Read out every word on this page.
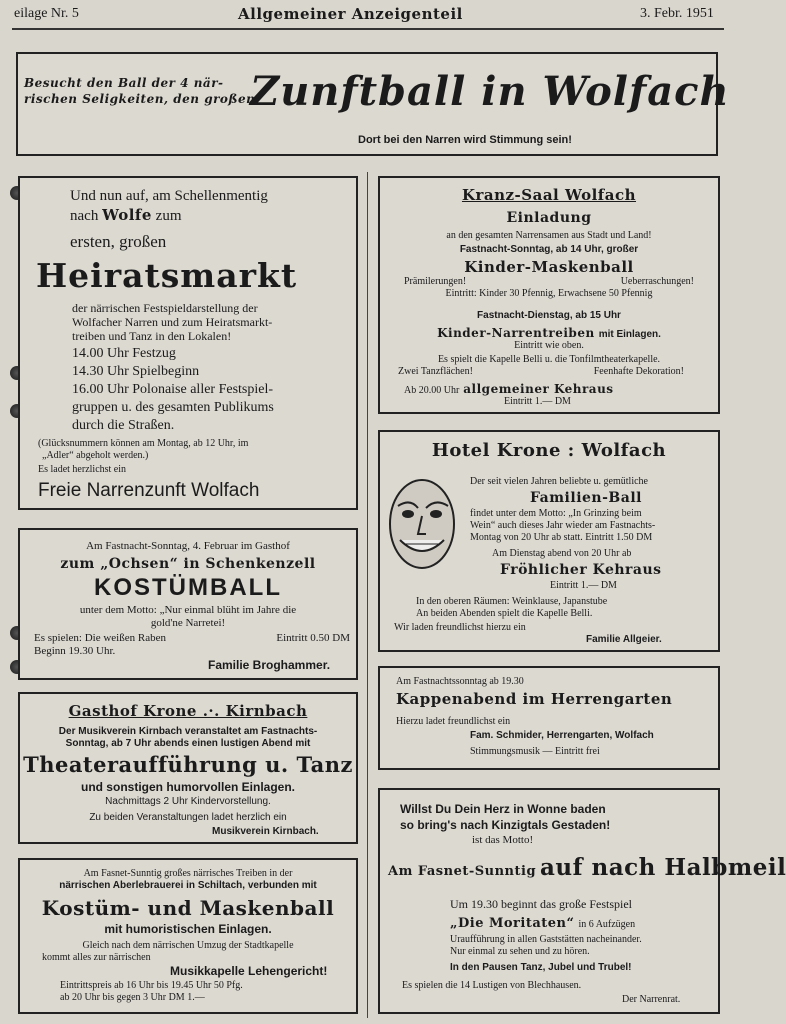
eilage Nr. 5	Allgemeiner Anzeigenteil	3. Febr. 1951
Besucht den Ball der 4 när-
rischen Seligkeiten, den großen
Zunftball in Wolfach
Dort bei den Narren wird Stimmung sein!
Und nun auf, am Schellenmentig
nach Wolfe zum
ersten, großen
Heiratsmarkt
der närrischen Festspieldarstellung der
Wolfacher Narren und zum Heiratsmarkt-
treiben und Tanz in den Lokalen!
14.00 Uhr Festzug
14.30 Uhr Spielbeginn
16.00 Uhr Polonaise aller Festspiel-
gruppen u. des gesamten Publikums
durch die Straßen.
(Glücksnummern können am Montag, ab 12 Uhr, im
„Adler“ abgeholt werden.)
Es ladet herzlichst ein
Freie Narrenzunft Wolfach
Am Fastnacht-Sonntag, 4. Februar im Gasthof
zum „Ochsen“ in Schenkenzell
KOSTÜMBALL
unter dem Motto: „Nur einmal blüht im Jahre die
gold'ne Narretei!
Es spielen: Die weißen Raben	Eintritt 0.50 DM
Beginn 19.30 Uhr.
Familie Broghammer.
Gasthof Krone .·. Kirnbach
Der Musikverein Kirnbach veranstaltet am Fastnachts-
Sonntag, ab 7 Uhr abends einen lustigen Abend mit
Theateraufführung u. Tanz
und sonstigen humorvollen Einlagen.
Nachmittags 2 Uhr Kindervorstellung.
Zu beiden Veranstaltungen ladet herzlich ein
Musikverein Kirnbach.
Am Fasnet-Sunntig großes närrisches Treiben in der
närrischen Aberlebrauerei in Schiltach, verbunden mit
Kostüm- und Maskenball
mit humoristischen Einlagen.
Gleich nach dem närrischen Umzug der Stadtkapelle
kommt alles zur närrischen
Musikkapelle Lehengericht!
Eintrittspreis ab 16 Uhr bis 19.45 Uhr 50 Pfg.
ab 20 Uhr bis gegen 3 Uhr DM 1.—
Kranz-Saal Wolfach
Einladung
an den gesamten Narrensamen aus Stadt und Land!
Fastnacht-Sonntag, ab 14 Uhr, großer
Kinder-Maskenball
Prämilerungen!	Ueberraschungen!
Eintritt: Kinder 30 Pfennig, Erwachsene 50 Pfennig
Fastnacht-Dienstag, ab 15 Uhr
Kinder-Narrentreiben mit Einlagen.
Eintritt wie oben.
Es spielt die Kapelle Belli u. die Tonfilmtheaterkapelle.
Zwei Tanzflächen!	Feenhafte Dekoration!
Ab 20.00 Uhr allgemeiner Kehraus
Eintritt 1.— DM
Hotel Krone : Wolfach
Der seit vielen Jahren beliebte u. gemütliche
Familien-Ball
findet unter dem Motto: „In Grinzing beim
Wein“ auch dieses Jahr wieder am Fastnachts-
Montag von 20 Uhr ab statt. Eintritt 1.50 DM
Am Dienstag abend von 20 Uhr ab
Fröhlicher Kehraus
Eintritt 1.— DM
In den oberen Räumen: Weinklause, Japanstube
An beiden Abenden spielt die Kapelle Belli.
Wir laden freundlichst hierzu ein
Familie Allgeier.
Am Fastnachtssonntag ab 19.30
Kappenabend im Herrengarten
Hierzu ladet freundlichst ein
Fam. Schmider, Herrengarten, Wolfach
Stimmungsmusik — Eintritt frei
Willst Du Dein Herz in Wonne baden
so bring's nach Kinzigtals Gestaden!
ist das Motto!
Am Fasnet-Sunntig auf nach Halbmeil
Um 19.30 beginnt das große Festspiel
„Die Moritaten“ in 6 Aufzügen
Uraufführung in allen Gaststätten nacheinander.
Nur einmal zu sehen und zu hören.
In den Pausen Tanz, Jubel und Trubel!
Es spielen die 14 Lustigen von Blechhausen.
Der Narrenrat.
